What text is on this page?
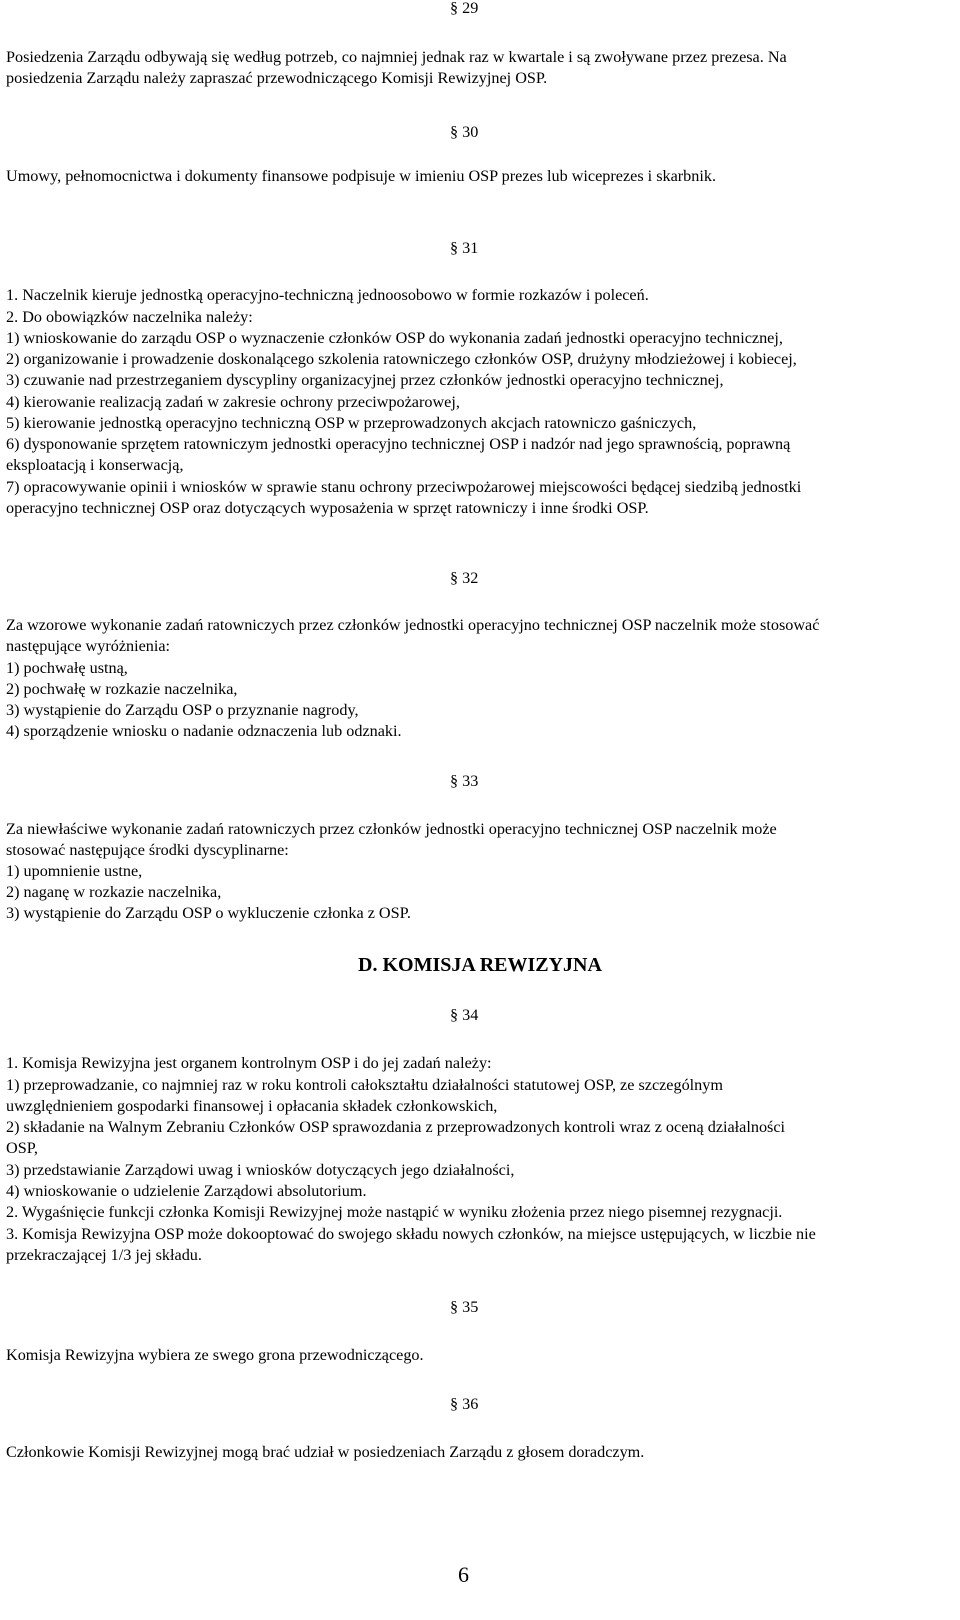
§ 29
Posiedzenia Zarządu odbywają się według potrzeb, co najmniej jednak raz w kwartale i są zwoływane przez prezesa. Na
posiedzenia Zarządu należy zapraszać przewodniczącego Komisji Rewizyjnej OSP.
§ 30
Umowy, pełnomocnictwa i dokumenty finansowe podpisuje w imieniu OSP prezes lub wiceprezes i skarbnik.
§ 31
1. Naczelnik kieruje jednostką operacyjno-techniczną jednoosobowo w formie rozkazów i poleceń.
2. Do obowiązków naczelnika należy:
1) wnioskowanie do zarządu OSP o wyznaczenie członków OSP do wykonania zadań jednostki operacyjno technicznej,
2) organizowanie i prowadzenie doskonalącego szkolenia ratowniczego członków OSP, drużyny młodzieżowej i kobiecej,
3) czuwanie nad przestrzeganiem dyscypliny organizacyjnej przez członków jednostki operacyjno technicznej,
4) kierowanie realizacją zadań w zakresie ochrony przeciwpożarowej,
5) kierowanie jednostką operacyjno techniczną OSP w przeprowadzonych akcjach ratowniczo gaśniczych,
6) dysponowanie sprzętem ratowniczym jednostki operacyjno technicznej OSP i nadzór nad jego sprawnością, poprawną
eksploatacją i konserwacją,
7) opracowywanie opinii i wniosków w sprawie stanu ochrony przeciwpożarowej miejscowości będącej siedzibą jednostki
operacyjno technicznej OSP oraz dotyczących wyposażenia w sprzęt ratowniczy i inne środki OSP.
§ 32
Za wzorowe wykonanie zadań ratowniczych przez członków jednostki operacyjno technicznej OSP naczelnik może stosować
następujące wyróżnienia:
1) pochwałę ustną,
2) pochwałę w rozkazie naczelnika,
3) wystąpienie do Zarządu OSP o przyznanie nagrody,
4) sporządzenie wniosku o nadanie odznaczenia lub odznaki.
§ 33
Za niewłaściwe wykonanie zadań ratowniczych przez członków jednostki operacyjno technicznej OSP naczelnik może
stosować następujące środki dyscyplinarne:
1) upomnienie ustne,
2) naganę w rozkazie naczelnika,
3) wystąpienie do Zarządu OSP o wykluczenie członka z OSP.
D. KOMISJA REWIZYJNA
§ 34
1. Komisja Rewizyjna jest organem kontrolnym OSP i do jej zadań należy:
1) przeprowadzanie, co najmniej raz w roku kontroli całokształtu działalności statutowej OSP, ze szczególnym
uwzględnieniem gospodarki finansowej i opłacania składek członkowskich,
2) składanie na Walnym Zebraniu Członków OSP sprawozdania z przeprowadzonych kontroli wraz z oceną działalności
OSP,
3) przedstawianie Zarządowi uwag i wniosków dotyczących jego działalności,
4) wnioskowanie o udzielenie Zarządowi absolutorium.
2. Wygaśnięcie funkcji członka Komisji Rewizyjnej może nastąpić w wyniku złożenia przez niego pisemnej rezygnacji.
3. Komisja Rewizyjna OSP może dokooptować do swojego składu nowych członków, na miejsce ustępujących, w liczbie nie
przekraczającej 1/3 jej składu.
§ 35
Komisja Rewizyjna wybiera ze swego grona przewodniczącego.
§ 36
Członkowie Komisji Rewizyjnej mogą brać udział w posiedzeniach Zarządu z głosem doradczym.
6
